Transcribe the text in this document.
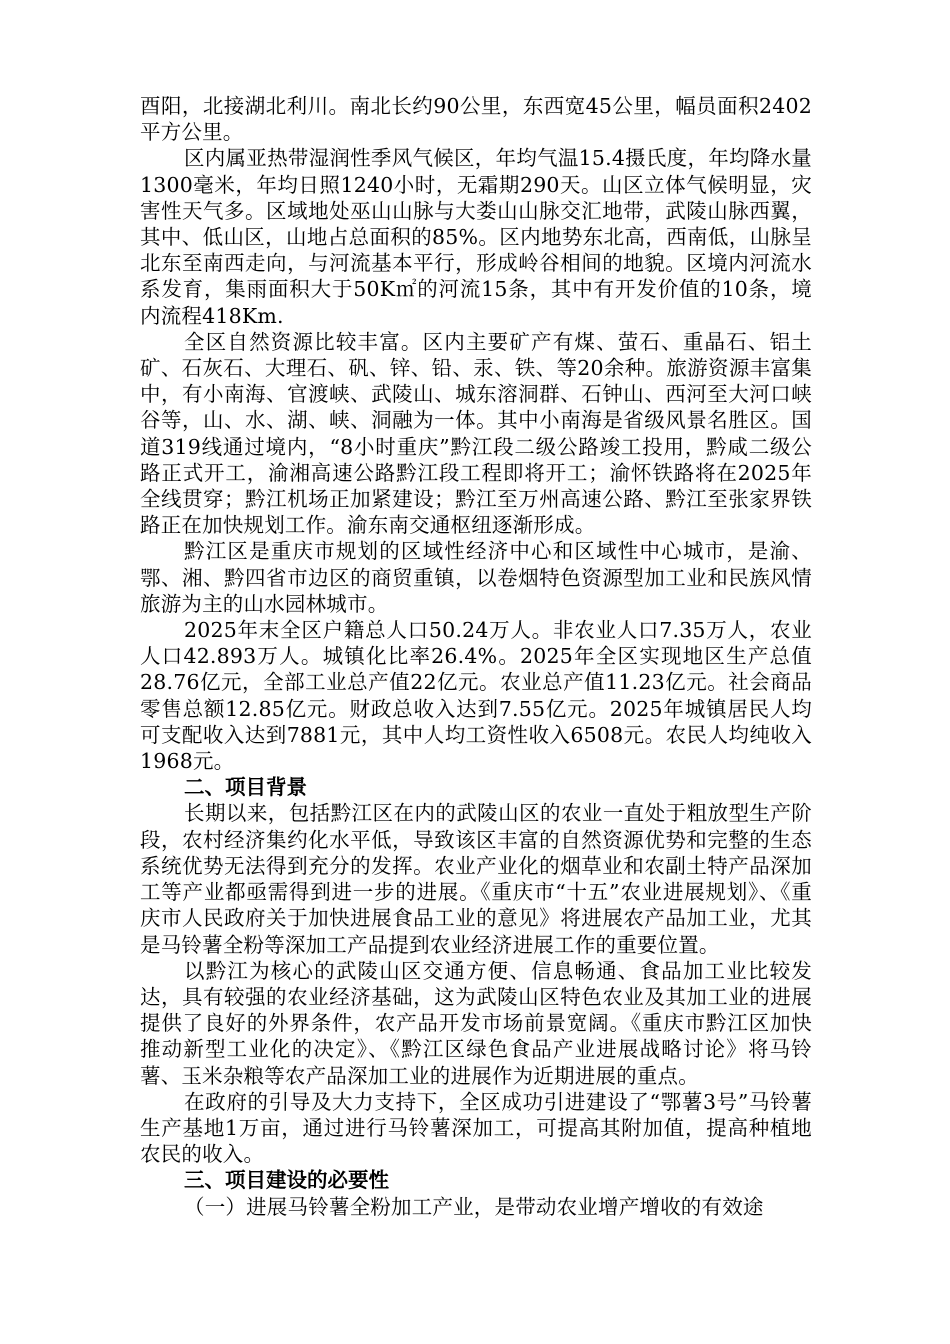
酉阳，北接湖北利川。南北长约90公里，东西宽45公里，幅员面积2402平方公里。

区内属亚热带湿润性季风气候区，年均气温15.4摄氏度，年均降水量1300毫米，年均日照1240小时，无霜期290天。山区立体气候明显，灾害性天气多。区域地处巫山山脉与大娄山山脉交汇地带，武陵山脉西翼，其中、低山区，山地占总面积的85%。区内地势东北高，西南低，山脉呈北东至南西走向，与河流基本平行，形成岭谷相间的地貌。区境内河流水系发育，集雨面积大于50K㎡的河流15条，其中有开发价值的10条，境内流程418Km.

全区自然资源比较丰富。区内主要矿产有煤、萤石、重晶石、铝土矿、石灰石、大理石、矾、锌、铅、汞、铁、等20余种。旅游资源丰富集中，有小南海、官渡峡、武陵山、城东溶洞群、石钟山、西河至大河口峡谷等，山、水、湖、峡、洞融为一体。其中小南海是省级风景名胜区。国道319线通过境内，“8小时重庆”黔江段二级公路竣工投用，黔咸二级公路正式开工，渝湘高速公路黔江段工程即将开工；渝怀铁路将在2025年全线贯穿；黔江机场正加紧建设；黔江至万州高速公路、黔江至张家界铁路正在加快规划工作。渝东南交通枢纽逐渐形成。

黔江区是重庆市规划的区域性经济中心和区域性中心城市，是渝、鄂、湘、黔四省市边区的商贸重镇，以卷烟特色资源型加工业和民族风情旅游为主的山水园林城市。

2025年末全区户籍总人口50.24万人。非农业人口7.35万人，农业人口42.893万人。城镇化比率26.4%。2025年全区实现地区生产总值28.76亿元，全部工业总产值22亿元。农业总产值11.23亿元。社会商品零售总额12.85亿元。财政总收入达到7.55亿元。2025年城镇居民人均可支配收入达到7881元，其中人均工资性收入6508元。农民人均纯收入1968元。

二、项目背景

长期以来，包括黔江区在内的武陵山区的农业一直处于粗放型生产阶段，农村经济集约化水平低，导致该区丰富的自然资源优势和完整的生态系统优势无法得到充分的发挥。农业产业化的烟草业和农副土特产品深加工等产业都亟需得到进一步的进展。《重庆市“十五”农业进展规划》、《重庆市人民政府关于加快进展食品工业的意见》将进展农产品加工业，尤其是马铃薯全粉等深加工产品提到农业经济进展工作的重要位置。

以黔江为核心的武陵山区交通方便、信息畅通、食品加工业比较发达，具有较强的农业经济基础，这为武陵山区特色农业及其加工业的进展提供了良好的外界条件，农产品开发市场前景宽阔。《重庆市黔江区加快推动新型工业化的决定》、《黔江区绿色食品产业进展战略讨论》将马铃薯、玉米杂粮等农产品深加工业的进展作为近期进展的重点。

在政府的引导及大力支持下，全区成功引进建设了“鄂薯3号”马铃薯生产基地1万亩，通过进行马铃薯深加工，可提高其附加值，提高种植地农民的收入。

三、项目建设的必要性

（一）进展马铃薯全粉加工产业，是带动农业增产增收的有效途
